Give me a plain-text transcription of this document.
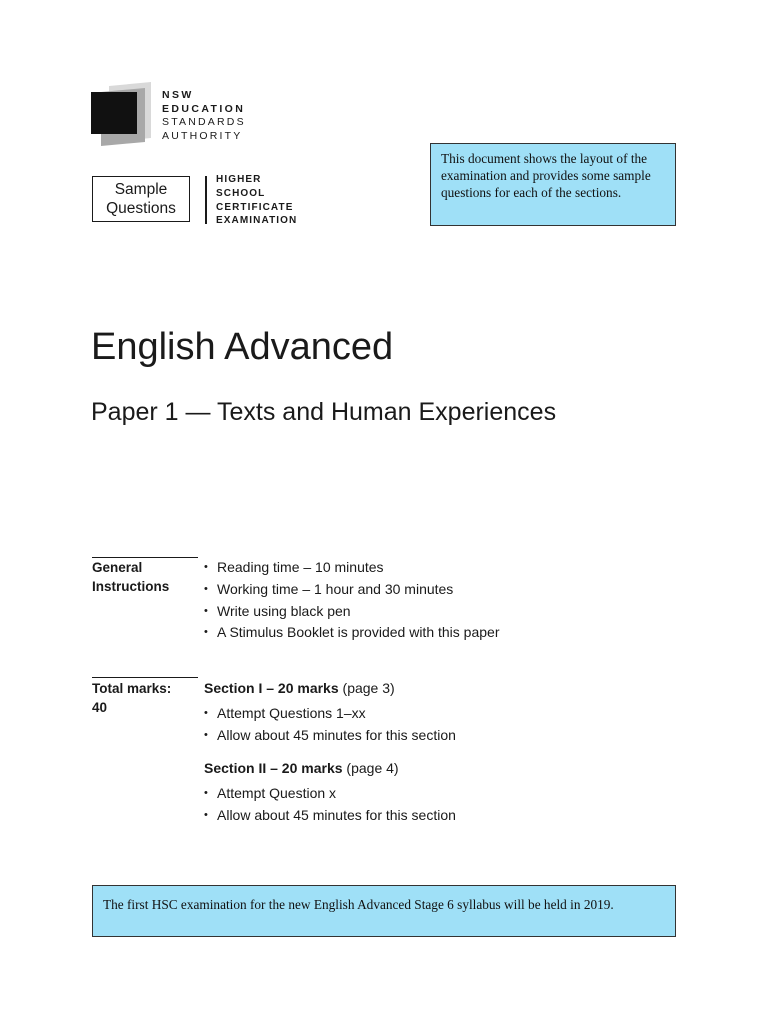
NSW
EDUCATION
STANDARDS
AUTHORITY
Sample
Questions
HIGHER
SCHOOL
CERTIFICATE
EXAMINATION
This document shows the layout of the examination and provides some sample questions for each of the sections.
English Advanced
Paper 1 — Texts and Human Experiences
General
Instructions
• Reading time – 10 minutes
• Working time – 1 hour and 30 minutes
• Write using black pen
• A Stimulus Booklet is provided with this paper
Total marks:
40
Section I – 20 marks (page 3)
• Attempt Questions 1–xx
• Allow about 45 minutes for this section
Section II – 20 marks (page 4)
• Attempt Question x
• Allow about 45 minutes for this section
The first HSC examination for the new English Advanced Stage 6 syllabus will be held in 2019.
